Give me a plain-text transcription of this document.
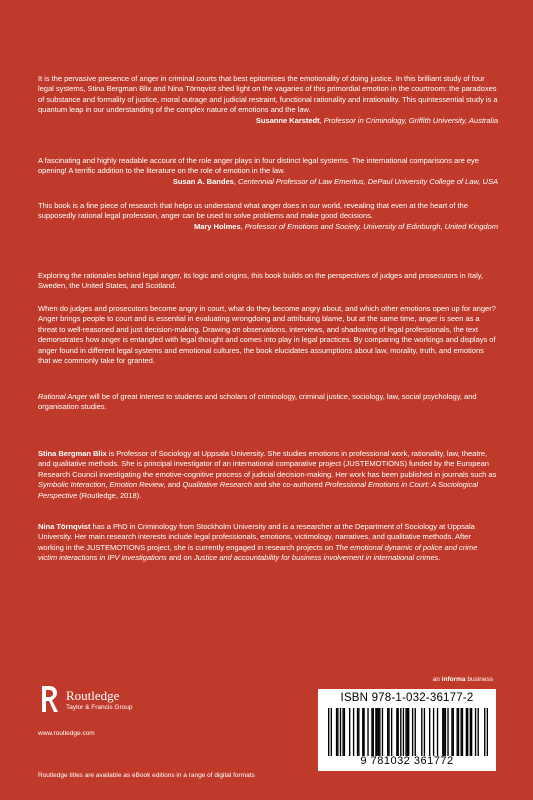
It is the pervasive presence of anger in criminal courts that best epitomises the emotionality of doing justice. In this brilliant study of four legal systems, Stina Bergman Blix and Nina Törnqvist shed light on the vagaries of this primordial emotion in the courtroom: the paradoxes of substance and formality of justice, moral outrage and judicial restraint, functional rationality and irrationality. This quintessential study is a quantum leap in our understanding of the complex nature of emotions and the law.
Susanne Karstedt, Professor in Criminology, Griffith University, Australia
A fascinating and highly readable account of the role anger plays in four distinct legal systems. The international comparisons are eye opening! A terrific addition to the literature on the role of emotion in the law.
Susan A. Bandes, Centennial Professor of Law Emeritus, DePaul University College of Law, USA
This book is a fine piece of research that helps us understand what anger does in our world, revealing that even at the heart of the supposedly rational legal profession, anger can be used to solve problems and make good decisions.
Mary Holmes, Professor of Emotions and Society, University of Edinburgh, United Kingdom
Exploring the rationales behind legal anger, its logic and origins, this book builds on the perspectives of judges and prosecutors in Italy, Sweden, the United States, and Scotland.
When do judges and prosecutors become angry in court, what do they become angry about, and which other emotions open up for anger? Anger brings people to court and is essential in evaluating wrongdoing and attributing blame, but at the same time, anger is seen as a threat to well-reasoned and just decision-making. Drawing on observations, interviews, and shadowing of legal professionals, the text demonstrates how anger is entangled with legal thought and comes into play in legal practices. By comparing the workings and displays of anger found in different legal systems and emotional cultures, the book elucidates assumptions about law, morality, truth, and emotions that we commonly take for granted.
Rational Anger will be of great interest to students and scholars of criminology, criminal justice, sociology, law, social psychology, and organisation studies.
Stina Bergman Blix is Professor of Sociology at Uppsala University. She studies emotions in professional work, rationality, law, theatre, and qualitative methods. She is principal investigator of an international comparative project (JUSTEMOTIONS) funded by the European Research Council investigating the emotive-cognitive process of judicial decision-making. Her work has been published in journals such as Symbolic Interaction, Emotion Review, and Qualitative Research and she co-authored Professional Emotions in Court: A Sociological Perspective (Routledge, 2018).
Nina Törnqvist has a PhD in Criminology from Stockholm University and is a researcher at the Department of Sociology at Uppsala University. Her main research interests include legal professionals, emotions, victimology, narratives, and qualitative methods. After working in the JUSTEMOTIONS project, she is currently engaged in research projects on The emotional dynamic of police and crime victim interactions in IPV investigations and on Justice and accountability for business involvement in international crimes.
an informa business
Routledge
Taylor & Francis Group
www.routledge.com
ISBN 978-1-032-36177-2
9 781032 361772
Routledge titles are available as eBook editions in a range of digital formats
